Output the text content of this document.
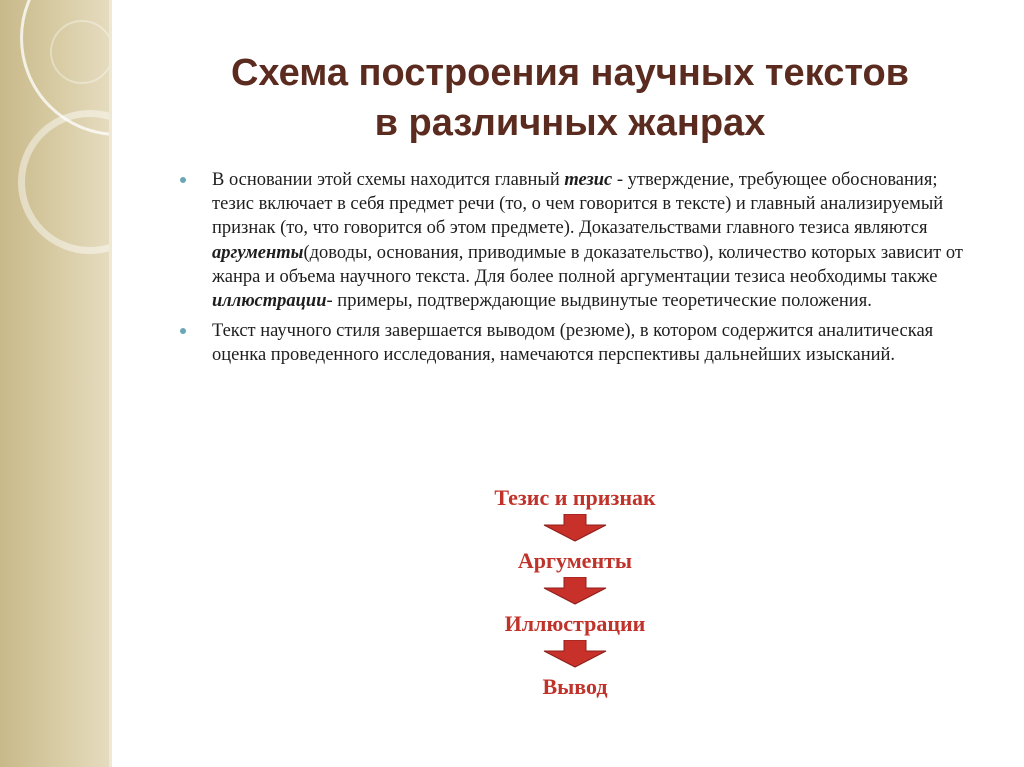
Схема построения научных текстов
в различных жанрах
В основании этой схемы находится главный тезис - утверждение, требующее обоснования; тезис включает в себя предмет речи (то, о чем говорится в тексте) и главный анализируемый признак (то, что говорится об этом предмете). Доказательствами главного тезиса являются аргументы(доводы, основания, приводимые в доказательство), количество которых зависит от жанра и объема научного текста. Для более полной аргументации тезиса необходимы также иллюстрации- примеры, подтверждающие выдвинутые теоретические положения.
Текст научного стиля завершается выводом (резюме), в котором содержится аналитическая оценка проведенного исследования, намечаются перспективы дальнейших изысканий.
Тезис и признак
Аргументы
Иллюстрации
Вывод
